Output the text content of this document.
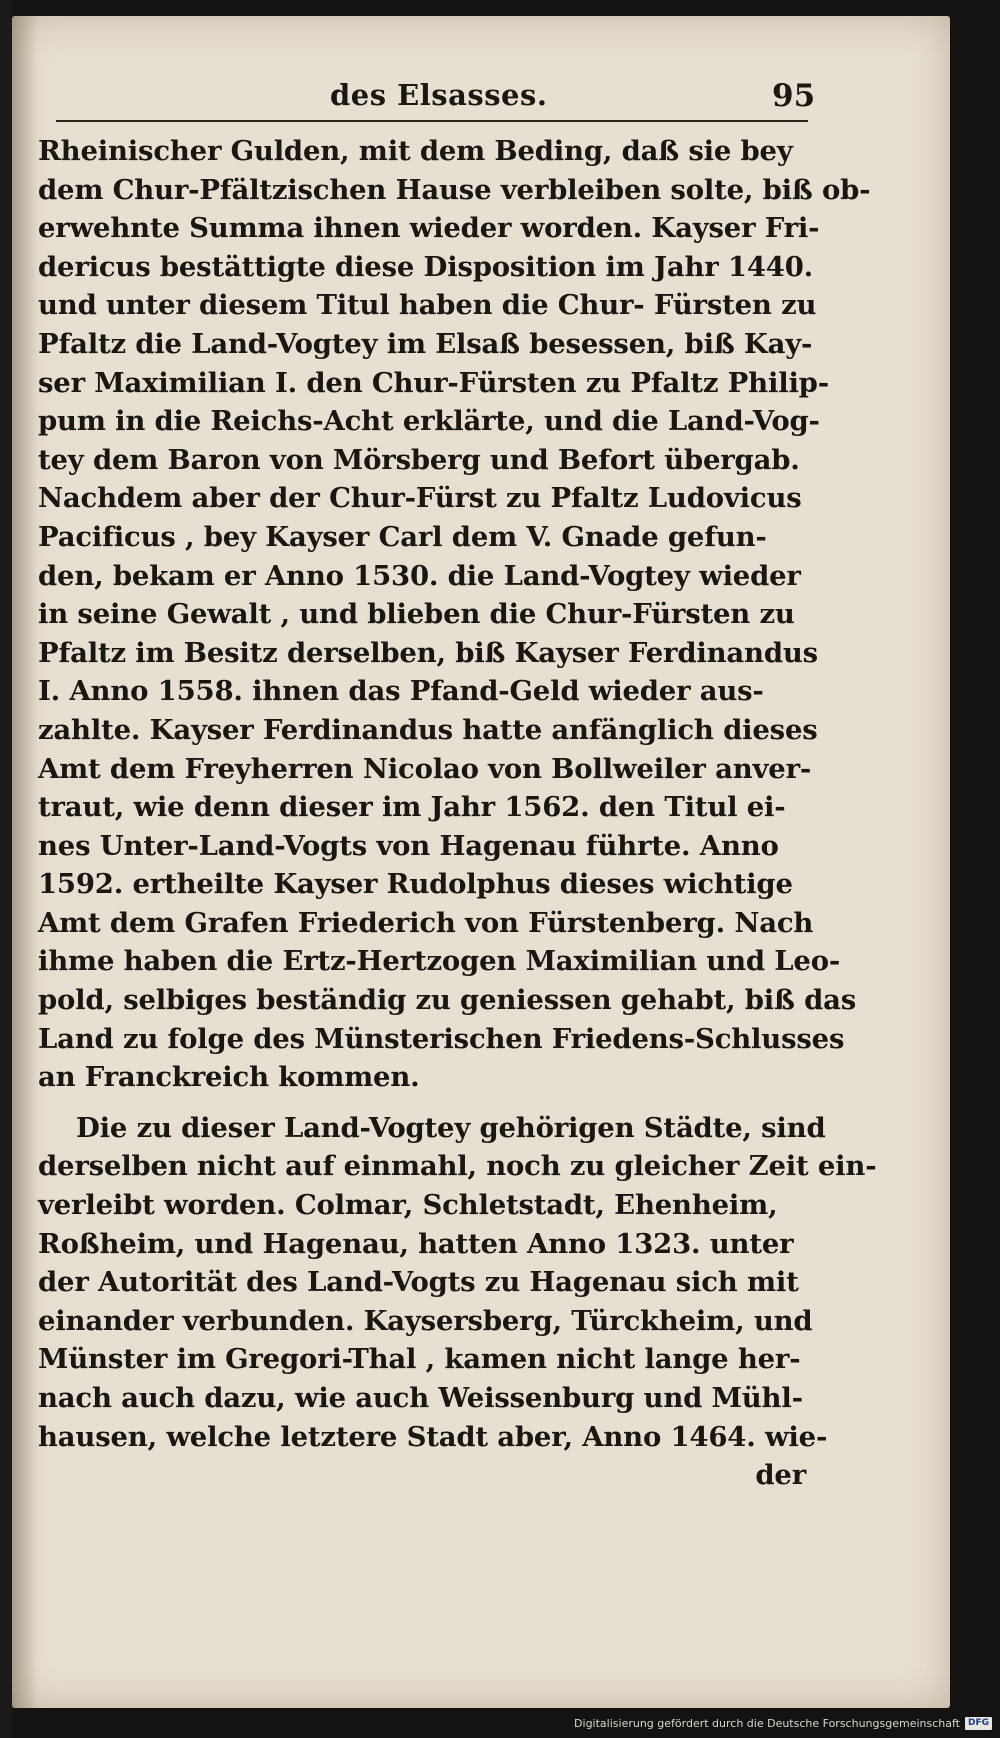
des Elsasses.	95
Rheinischer Gulden, mit dem Beding, daß sie bey
dem Chur-Pfältzischen Hause verbleiben solte, biß ob-
erwehnte Summa ihnen wieder worden. Kayser Fri-
dericus bestättigte diese Disposition im Jahr 1440.
und unter diesem Titul haben die Chur- Fürsten zu
Pfaltz die Land-Vogtey im Elsaß besessen, biß Kay-
ser Maximilian I. den Chur-Fürsten zu Pfaltz Philip-
pum in die Reichs-Acht erklärte, und die Land-Vog-
tey dem Baron von Mörsberg und Befort übergab.
Nachdem aber der Chur-Fürst zu Pfaltz Ludovicus
Pacificus , bey Kayser Carl dem V. Gnade gefun-
den, bekam er Anno 1530. die Land-Vogtey wieder
in seine Gewalt , und blieben die Chur-Fürsten zu
Pfaltz im Besitz derselben, biß Kayser Ferdinandus
I. Anno 1558. ihnen das Pfand-Geld wieder aus-
zahlte. Kayser Ferdinandus hatte anfänglich dieses
Amt dem Freyherren Nicolao von Bollweiler anver-
traut, wie denn dieser im Jahr 1562. den Titul ei-
nes Unter-Land-Vogts von Hagenau führte. Anno
1592. ertheilte Kayser Rudolphus dieses wichtige
Amt dem Grafen Friederich von Fürstenberg. Nach
ihme haben die Ertz-Hertzogen Maximilian und Leo-
pold, selbiges beständig zu geniessen gehabt, biß das
Land zu folge des Münsterischen Friedens-Schlusses
an Franckreich kommen.
Die zu dieser Land-Vogtey gehörigen Städte, sind
derselben nicht auf einmahl, noch zu gleicher Zeit ein-
verleibt worden. Colmar, Schletstadt, Ehenheim,
Roßheim, und Hagenau, hatten Anno 1323. unter
der Autorität des Land-Vogts zu Hagenau sich mit
einander verbunden. Kaysersberg, Türckheim, und
Münster im Gregori-Thal , kamen nicht lange her-
nach auch dazu, wie auch Weissenburg und Mühl-
hausen, welche letztere Stadt aber, Anno 1464. wie-
der
Digitalisierung gefördert durch die Deutsche Forschungsgemeinschaft DFG
